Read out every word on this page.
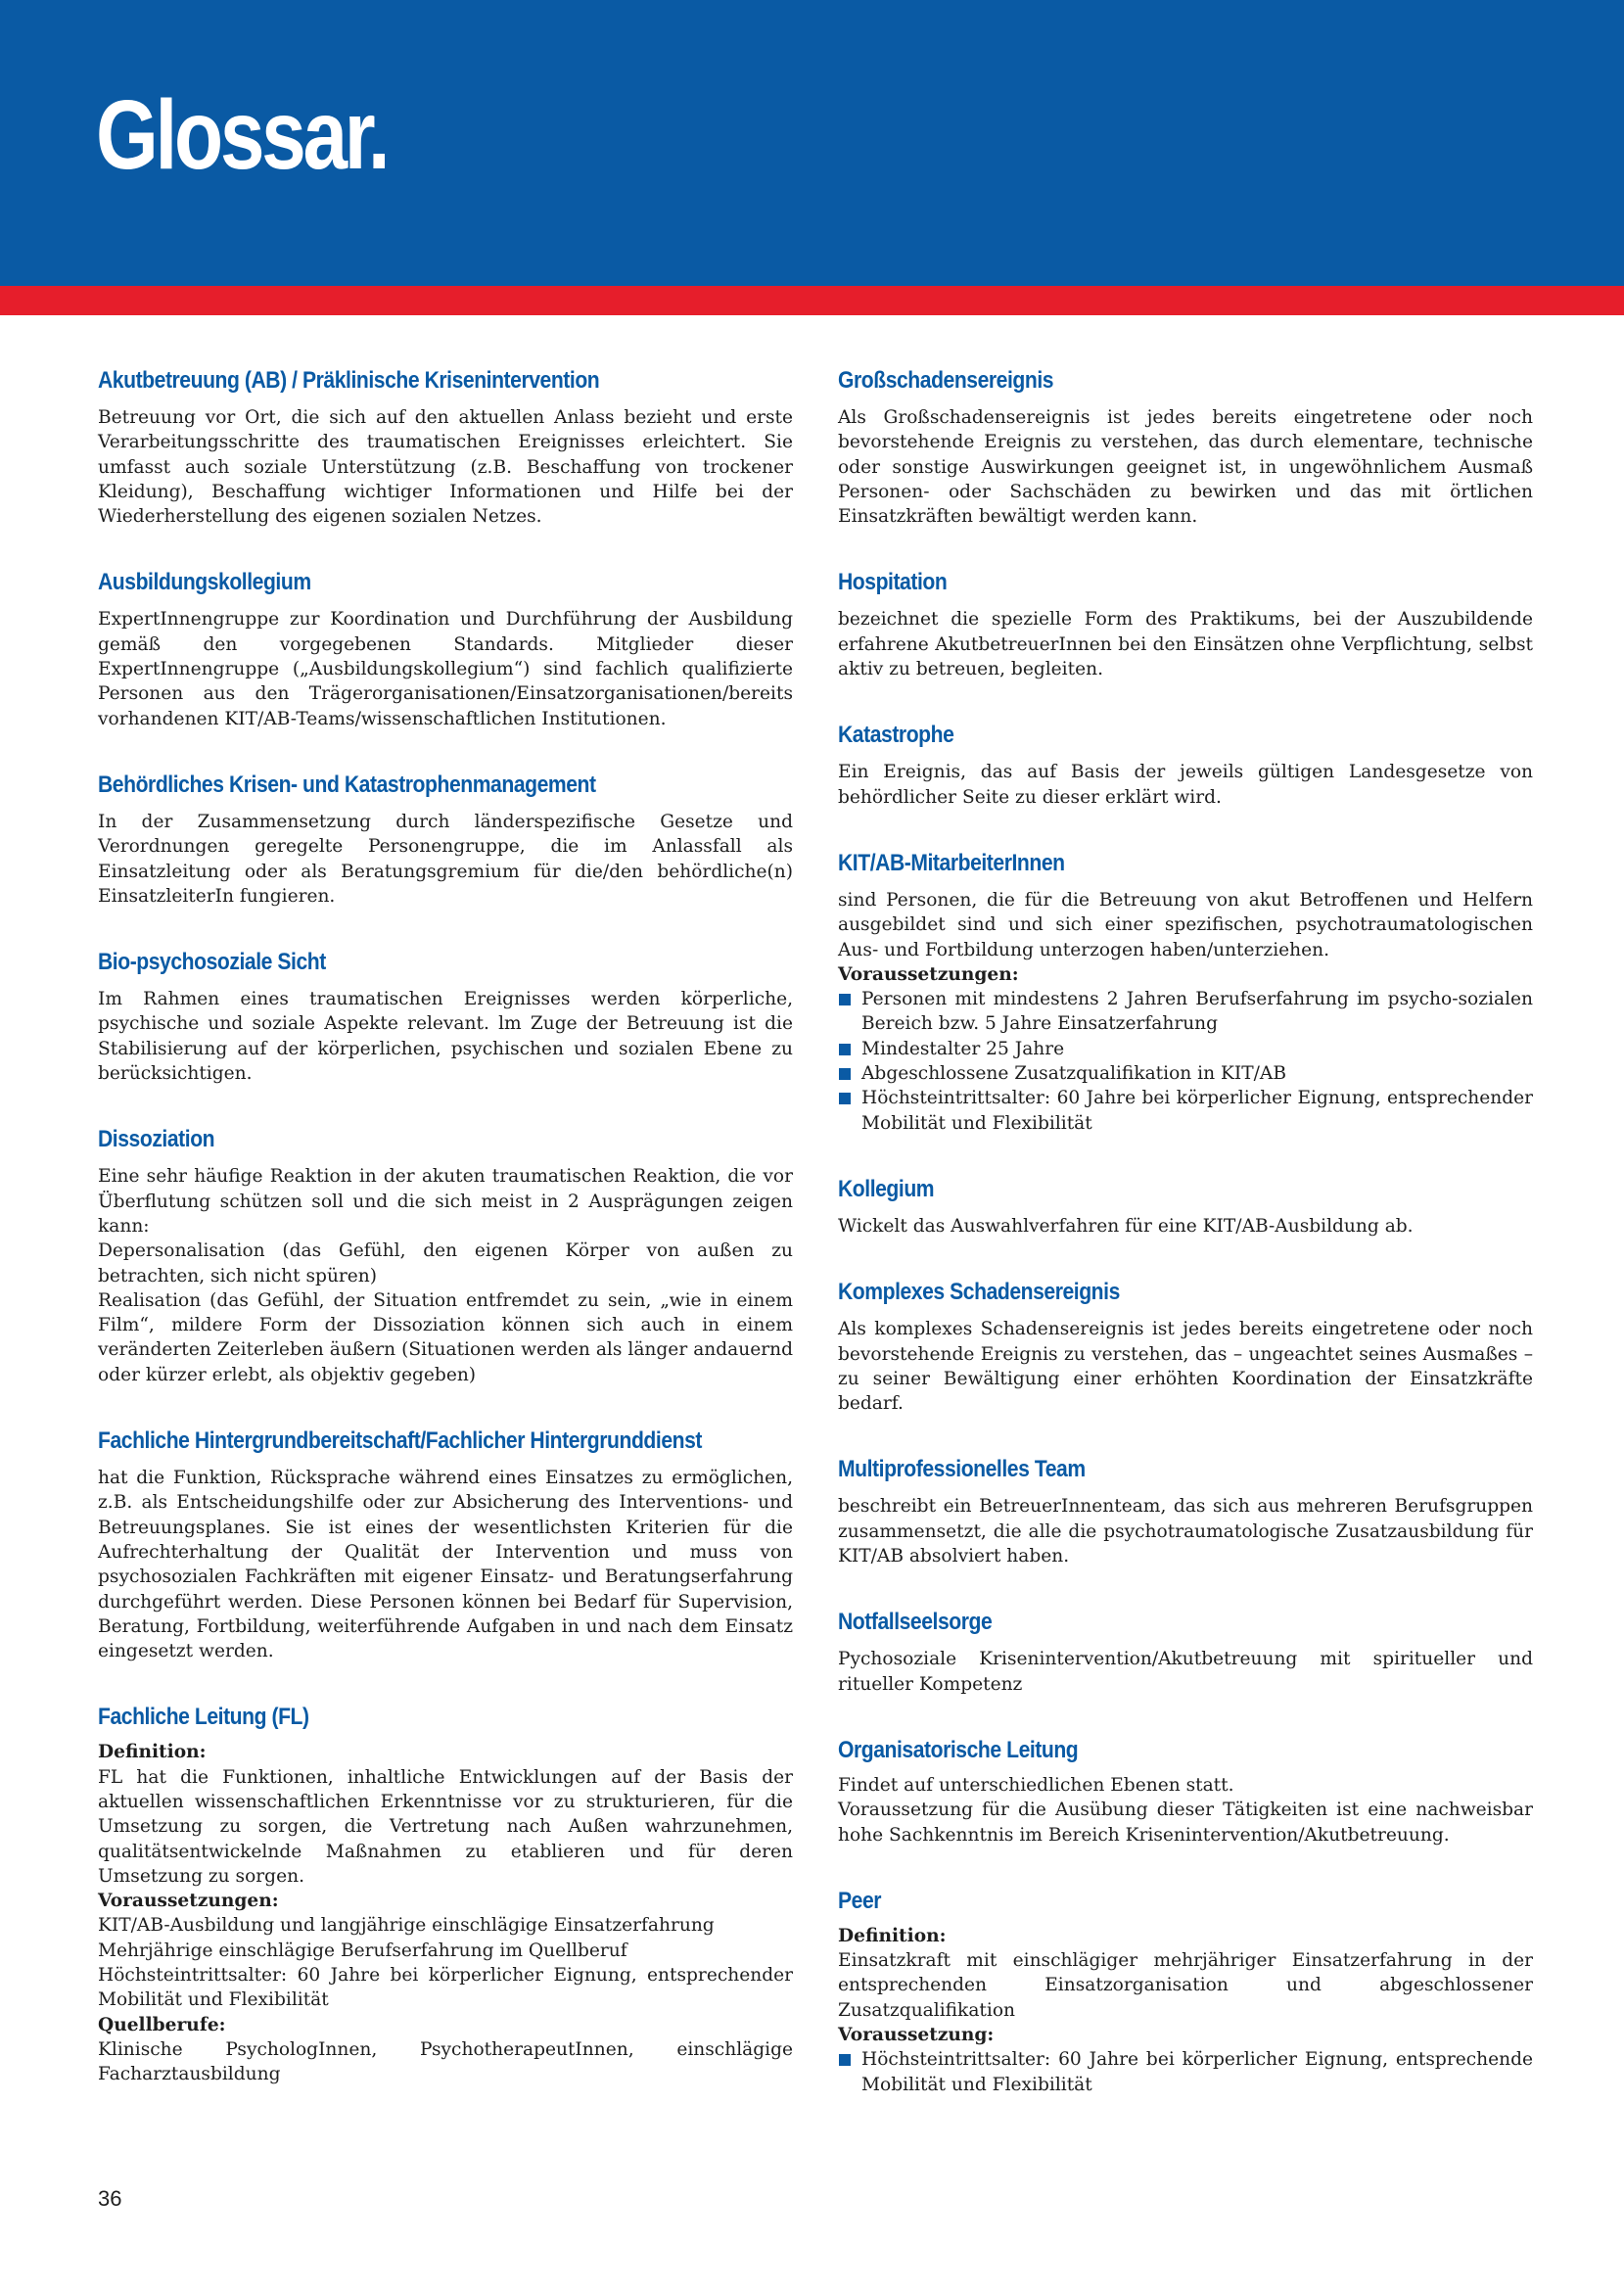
Glossar.
Akutbetreuung (AB) / Präklinische Krisenintervention

Betreuung vor Ort, die sich auf den aktuellen Anlass bezieht und erste Verarbeitungsschritte des traumatischen Ereignisses erleichtert. Sie umfasst auch soziale Unterstützung (z.B. Beschaffung von trockener Kleidung), Beschaffung wichtiger Informationen und Hilfe bei der Wiederherstellung des eigenen sozialen Netzes.

Ausbildungskollegium

ExpertInnengruppe zur Koordination und Durchführung der Ausbildung gemäß den vorgegebenen Standards. Mitglieder dieser ExpertInnengruppe („Ausbildungskollegium“) sind fachlich qualifizierte Personen aus den Trägerorganisationen/Einsatzorganisationen/bereits vorhandenen KIT/AB-Teams/wissenschaftlichen Institutionen.

Behördliches Krisen- und Katastrophenmanagement

In der Zusammensetzung durch länderspezifische Gesetze und Verordnungen geregelte Personengruppe, die im Anlassfall als Einsatzleitung oder als Beratungsgremium für die/den behördliche(n) EinsatzleiterIn fungieren.

Bio-psychosoziale Sicht

Im Rahmen eines traumatischen Ereignisses werden körperliche, psychische und soziale Aspekte relevant. lm Zuge der Betreuung ist die Stabilisierung auf der körperlichen, psychischen und sozialen Ebene zu berücksichtigen.

Dissoziation

Eine sehr häufige Reaktion in der akuten traumatischen Reaktion, die vor Überflutung schützen soll und die sich meist in 2 Ausprägungen zeigen kann:

Depersonalisation (das Gefühl, den eigenen Körper von außen zu betrachten, sich nicht spüren)

Realisation (das Gefühl, der Situation entfremdet zu sein, „wie in einem Film“, mildere Form der Dissoziation können sich auch in einem veränderten Zeiterleben äußern (Situationen werden als länger andauernd oder kürzer erlebt, als objektiv gegeben)

Fachliche Hintergrundbereitschaft/Fachlicher Hintergrunddienst

hat die Funktion, Rücksprache während eines Einsatzes zu ermöglichen, z.B. als Entscheidungshilfe oder zur Absicherung des Interventions- und Betreuungsplanes. Sie ist eines der wesentlichsten Kriterien für die Aufrechterhaltung der Qualität der Intervention und muss von psychosozialen Fachkräften mit eigener Einsatz- und Beratungserfahrung durchgeführt werden. Diese Personen können bei Bedarf für Supervision, Beratung, Fortbildung, weiterführende Aufgaben in und nach dem Einsatz eingesetzt werden.

Fachliche Leitung (FL)

Definition:

FL hat die Funktionen, inhaltliche Entwicklungen auf der Basis der aktuellen wissenschaftlichen Erkenntnisse vor zu strukturieren, für die Umsetzung zu sorgen, die Vertretung nach Außen wahrzunehmen, qualitätsentwickelnde Maßnahmen zu etablieren und für deren Umsetzung zu sorgen.

Voraussetzungen:

KIT/AB-Ausbildung und langjährige einschlägige Einsatzerfahrung

Mehrjährige einschlägige Berufserfahrung im Quellberuf

Höchsteintrittsalter: 60 Jahre bei körperlicher Eignung, entsprechender Mobilität und Flexibilität

Quellberufe:

Klinische PsychologInnen, PsychotherapeutInnen, einschlägige Facharztausbildung

Großschadensereignis

Als Großschadensereignis ist jedes bereits eingetretene oder noch bevorstehende Ereignis zu verstehen, das durch elementare, technische oder sonstige Auswirkungen geeignet ist, in ungewöhnlichem Ausmaß Personen- oder Sachschäden zu bewirken und das mit örtlichen Einsatzkräften bewältigt werden kann.

Hospitation

bezeichnet die spezielle Form des Praktikums, bei der Auszubildende erfahrene AkutbetreuerInnen bei den Einsätzen ohne Verpflichtung, selbst aktiv zu betreuen, begleiten.

Katastrophe

Ein Ereignis, das auf Basis der jeweils gültigen Landesgesetze von behördlicher Seite zu dieser erklärt wird.

KIT/AB-MitarbeiterInnen

sind Personen, die für die Betreuung von akut Betroffenen und Helfern ausgebildet sind und sich einer spezifischen, psychotraumatologischen Aus- und Fortbildung unterzogen haben/unterziehen.

Voraussetzungen:

Personen mit mindestens 2 Jahren Berufserfahrung im psycho-sozialen Bereich bzw. 5 Jahre Einsatzerfahrung
Mindestalter 25 Jahre
Abgeschlossene Zusatzqualifikation in KIT/AB
Höchsteintrittsalter: 60 Jahre bei körperlicher Eignung, entsprechender Mobilität und Flexibilität
Kollegium

Wickelt das Auswahlverfahren für eine KIT/AB-Ausbildung ab.

Komplexes Schadensereignis

Als komplexes Schadensereignis ist jedes bereits eingetretene oder noch bevorstehende Ereignis zu verstehen, das – ungeachtet seines Ausmaßes – zu seiner Bewältigung einer erhöhten Koordination der Einsatzkräfte bedarf.

Multiprofessionelles Team

beschreibt ein BetreuerInnenteam, das sich aus mehreren Berufsgruppen zusammensetzt, die alle die psychotraumatologische Zusatzausbildung für KIT/AB absolviert haben.

Notfallseelsorge

Pychosoziale Krisenintervention/Akutbetreuung mit spiritueller und ritueller Kompetenz

Organisatorische Leitung

Findet auf unterschiedlichen Ebenen statt.

Voraussetzung für die Ausübung dieser Tätigkeiten ist eine nachweisbar hohe Sachkenntnis im Bereich Krisenintervention/Akutbetreuung.

Peer

Definition:

Einsatzkraft mit einschlägiger mehrjähriger Einsatzerfahrung in der entsprechenden Einsatzorganisation und abgeschlossener Zusatzqualifikation

Voraussetzung:

Höchsteintrittsalter: 60 Jahre bei körperlicher Eignung, entsprechende Mobilität und Flexibilität
36
